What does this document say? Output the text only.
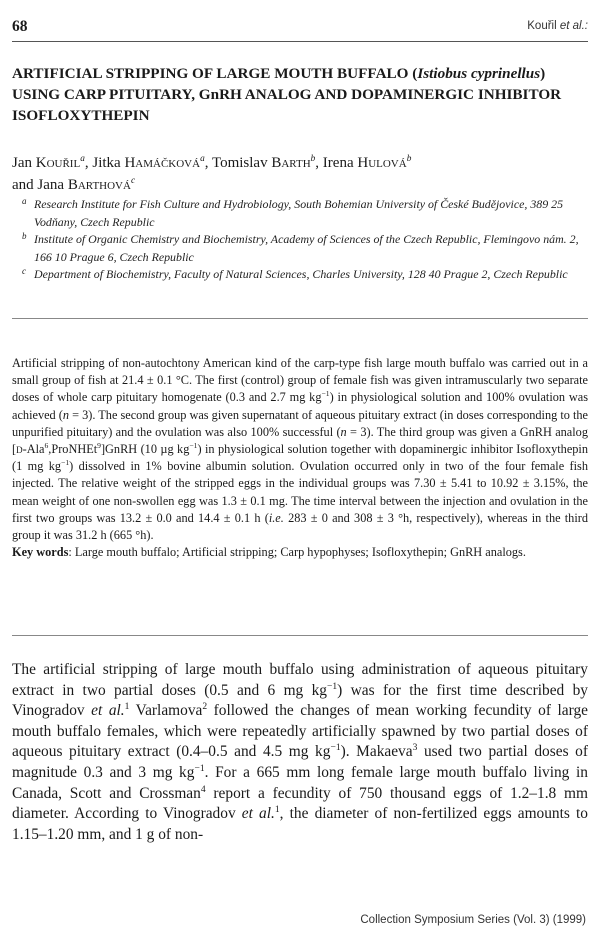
68	Kouřil et al.:
ARTIFICIAL STRIPPING OF LARGE MOUTH BUFFALO (Istiobus cyprinellus) USING CARP PITUITARY, GnRH ANALOG AND DOPAMINERGIC INHIBITOR ISOFLOXYTHEPIN
Jan Kouřil$^a$, Jitka Hamáčková$^a$, Tomislav Barth$^b$, Irena Hulová$^b$
and Jana Barthová$^c$
a Research Institute for Fish Culture and Hydrobiology, South Bohemian University of České Budějovice, 389 25 Vodňany, Czech Republic
b Institute of Organic Chemistry and Biochemistry, Academy of Sciences of the Czech Republic, Flemingovo nám. 2, 166 10 Prague 6, Czech Republic
c Department of Biochemistry, Faculty of Natural Sciences, Charles University, 128 40 Prague 2, Czech Republic

Artificial stripping of non-autochtony American kind of the carp-type fish large mouth buffalo was carried out in a small group of fish at 21.4 ± 0.1 °C. The first (control) group of female fish was given intramuscularly two separate doses of whole carp pituitary homogenate (0.3 and 2.7 mg $kg^{-1}$) in physiological solution and 100% ovulation was achieved (n = 3). The second group was given supernatant of aqueous pituitary extract (in doses corresponding to the unpurified pituitary) and the ovulation was also 100% successful (n = 3). The third group was given a GnRH analog [d-Ala$^6$,ProNHEt$^9$]GnRH (10 µg $kg^{-1}$) in physiological solution together with dopaminergic inhibitor Isofloxythepin (1 mg $kg^{-1}$) dissolved in 1% bovine albumin solution. Ovulation occurred only in two of the four female fish injected. The relative weight of the stripped eggs in the individual groups was 7.30 ± 5.41 to 10.92 ± 3.15%, the mean weight of one non-swollen egg was 1.3 ± 0.1 mg. The time interval between the injection and ovulation in the first two groups was 13.2 ± 0.0 and 14.4 ± 0.1 h (i.e. 283 ± 0 and 308 ± 3 °h, respectively), whereas in the third group it was 31.2 h (665 °h).

Key words: Large mouth buffalo; Artificial stripping; Carp hypophyses; Isofloxythepin; GnRH analogs.

The artificial stripping of large mouth buffalo using administration of aqueous pituitary extract in two partial doses (0.5 and 6 mg $kg^{-1}$) was for the first time described by Vinogradov et al.$^1$ Varlamova$^2$ followed the changes of mean working fecundity of large mouth buffalo females, which were repeatedly artificially spawned by two partial doses of aqueous pituitary extract (0.4–0.5 and 4.5 mg $kg^{-1}$). Makaeva$^3$ used two partial doses of magnitude 0.3 and 3 mg $kg^{-1}$. For a 665 mm long female large mouth buffalo living in Canada, Scott and Crossman$^4$ report a fecundity of 750 thousand eggs of 1.2–1.8 mm diameter. According to Vinogradov et al.$^1$, the diameter of non-fertilized eggs amounts to 1.15–1.20 mm, and 1 g of non-

Collection Symposium Series (Vol. 3) (1999)
